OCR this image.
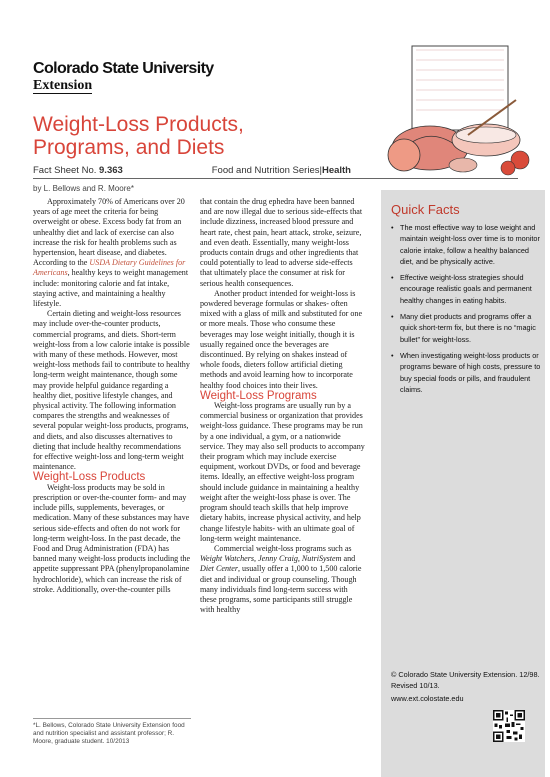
Colorado State University
Extension
Weight-Loss Products,
Programs, and Diets
Fact Sheet No. 9.363	Food and Nutrition Series|Health
by L. Bellows and R. Moore*

Approximately 70% of Americans over 20 years of age meet the criteria for being overweight or obese. Excess body fat from an unhealthy diet and lack of exercise can also increase the risk for health problems such as hypertension, heart disease, and diabetes. According to the USDA Dietary Guidelines for Americans, healthy keys to weight management include: monitoring calorie and fat intake, staying active, and maintaining a healthy lifestyle.

Certain dieting and weight-loss resources may include over-the-counter products, commercial programs, and diets. Short-term weight-loss from a low calorie intake is possible with many of these methods. However, most weight-loss methods fail to contribute to healthy long-term weight maintenance, though some may provide helpful guidance regarding a healthy diet, positive lifestyle changes, and physical activity. The following information compares the strengths and weaknesses of several popular weight-loss products, programs, and diets, and also discusses alternatives to dieting that include healthy recommendations for effective weight-loss and long-term weight maintenance.

Weight-Loss Products

Weight-loss products may be sold in prescription or over-the-counter form- and may include pills, supplements, beverages, or medication. Many of these substances may have serious side-effects and often do not work for long-term weight-loss. In the past decade, the Food and Drug Administration (FDA) has banned many weight-loss products including the appetite suppressant PPA (phenylpropanolamine hydrochloride), which can increase the risk of stroke. Additionally, over-the-counter pills

*L. Bellows, Colorado State University Extension food and nutrition specialist and assistant professor; R. Moore, graduate student. 10/2013

that contain the drug ephedra have been banned and are now illegal due to serious side-effects that include dizziness, increased blood pressure and heart rate, chest pain, heart attack, stroke, seizure, and even death. Essentially, many weight-loss products contain drugs and other ingredients that could potentially to lead to adverse side-effects that ultimately place the consumer at risk for serious health consequences.

Another product intended for weight-loss is powdered beverage formulas or shakes- often mixed with a glass of milk and substituted for one or more meals. Those who consume these beverages may lose weight initially, though it is usually regained once the beverages are discontinued. By relying on shakes instead of whole foods, dieters follow artificial dieting methods and avoid learning how to incorporate healthy food choices into their lives.

Weight-Loss Programs

Weight-loss programs are usually run by a commercial business or organization that provides weight-loss guidance. These programs may be run by a one individual, a gym, or a nationwide service. They may also sell products to accompany their program which may include exercise equipment, workout DVDs, or food and beverage items. Ideally, an effective weight-loss program should include guidance in maintaining a healthy weight after the weight-loss phase is over. The program should teach skills that help improve dietary habits, increase physical activity, and help change lifestyle habits- with an ultimate goal of long-term weight maintenance.

Commercial weight-loss programs such as Weight Watchers, Jenny Craig, NutriSystem and Diet Center, usually offer a 1,000 to 1,500 calorie diet and individual or group counseling. Though many individuals find long-term success with these programs, some participants still struggle with healthy

Quick Facts
• The most effective way to lose weight and maintain weight-loss over time is to monitor calorie intake, follow a healthy balanced diet, and be physically active.
• Effective weight-loss strategies should encourage realistic goals and permanent healthy changes in eating habits.
• Many diet products and programs offer a quick short-term fix, but there is no “magic bullet” for weight-loss.
• When investigating weight-loss products or programs beware of high costs, pressure to buy special foods or pills, and fraudulent claims.
© Colorado State University Extension. 12/98. Revised 10/13.
www.ext.colostate.edu
